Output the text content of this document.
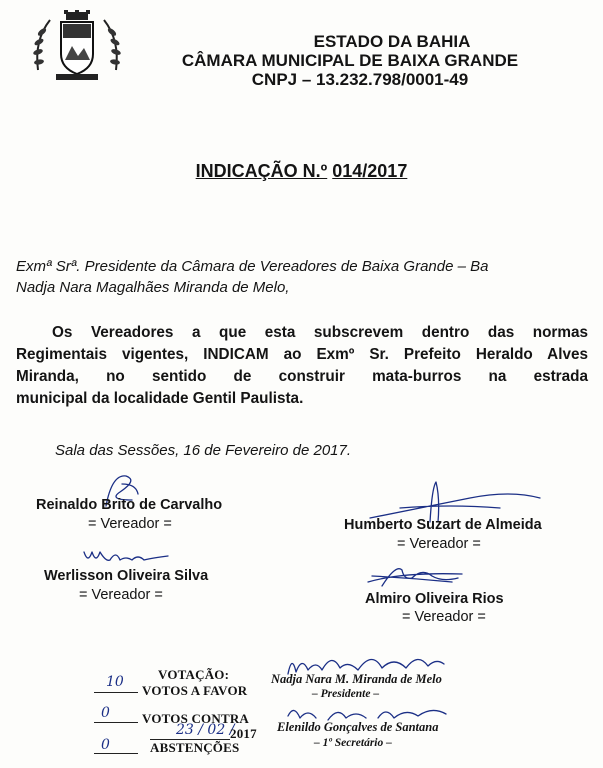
ESTADO DA BAHIA
CÂMARA MUNICIPAL DE BAIXA GRANDE
CNPJ – 13.232.798/0001-49
INDICAÇÃO N.º 014/2017
Exmª Srª. Presidente da Câmara de Vereadores de Baixa Grande – Ba
Nadja Nara Magalhães Miranda de Melo,
Os Vereadores a que esta subscrevem dentro das normas
Regimentais vigentes, INDICAM ao Exmº Sr. Prefeito Heraldo Alves
Miranda, no sentido de construir mata-burros na estrada
municipal da localidade Gentil Paulista.
Sala das Sessões, 16 de Fevereiro de 2017.
Reinaldo Brito de Carvalho
= Vereador =	Humberto Suzart de Almeida
= Vereador =
Werlisson Oliveira Silva
= Vereador =	Almiro Oliveira Rios
= Vereador =
VOTAÇÃO:
10
VOTOS A FAVOR
0 VOTOS CONTRA
0	ABSTENÇÕES
23 / 02 /
2017
Nadja Nara M. Miranda de Melo
– Presidente –
Elenildo Gonçalves de Santana
– 1º Secretário –
